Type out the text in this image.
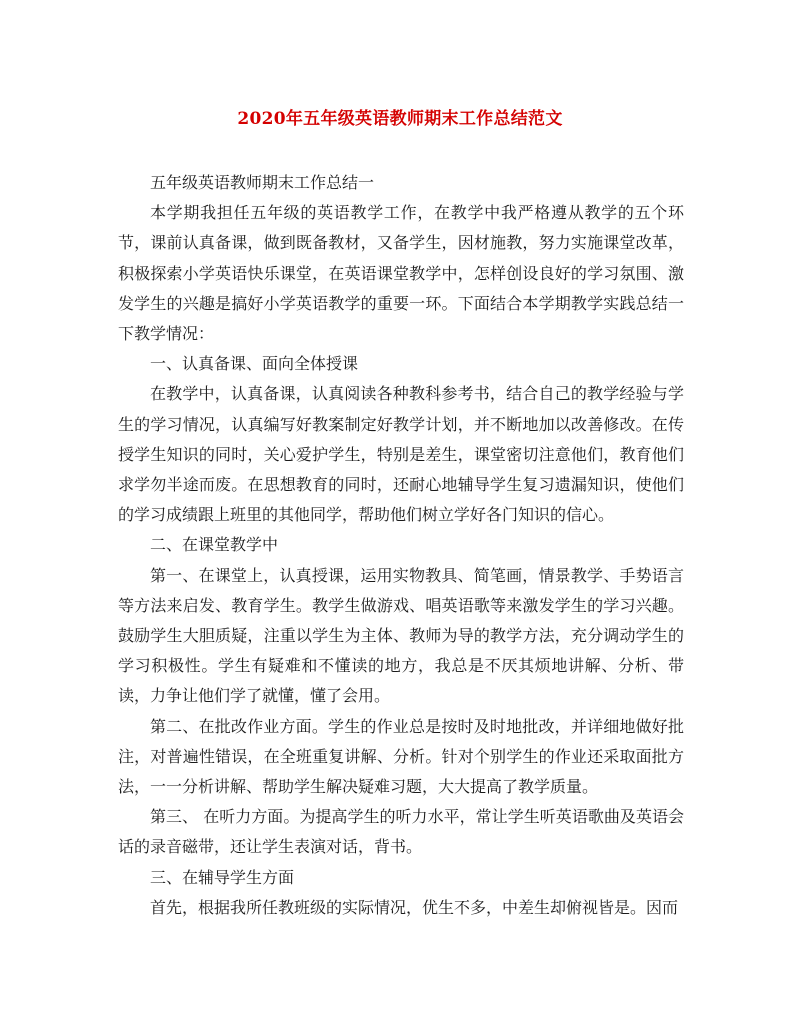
2020年五年级英语教师期末工作总结范文

五年级英语教师期末工作总结一

本学期我担任五年级的英语教学工作，在教学中我严格遵从教学的五个环节，课前认真备课，做到既备教材，又备学生，因材施教，努力实施课堂改革，积极探索小学英语快乐课堂，在英语课堂教学中，怎样创设良好的学习氛围、激发学生的兴趣是搞好小学英语教学的重要一环。下面结合本学期教学实践总结一下教学情况：

一、认真备课、面向全体授课

在教学中，认真备课，认真阅读各种教科参考书，结合自己的教学经验与学生的学习情况，认真编写好教案制定好教学计划，并不断地加以改善修改。在传授学生知识的同时，关心爱护学生，特别是差生，课堂密切注意他们，教育他们求学勿半途而废。在思想教育的同时，还耐心地辅导学生复习遗漏知识，使他们的学习成绩跟上班里的其他同学，帮助他们树立学好各门知识的信心。

二、在课堂教学中

第一、在课堂上，认真授课，运用实物教具、简笔画，情景教学、手势语言等方法来启发、教育学生。教学生做游戏、唱英语歌等来激发学生的学习兴趣。鼓励学生大胆质疑，注重以学生为主体、教师为导的教学方法，充分调动学生的学习积极性。学生有疑难和不懂读的地方，我总是不厌其烦地讲解、分析、带读，力争让他们学了就懂，懂了会用。

第二、在批改作业方面。学生的作业总是按时及时地批改，并详细地做好批注，对普遍性错误，在全班重复讲解、分析。针对个别学生的作业还采取面批方法，一一分析讲解、帮助学生解决疑难习题，大大提高了教学质量。

第三、 在听力方面。为提高学生的听力水平，常让学生听英语歌曲及英语会话的录音磁带，还让学生表演对话，背书。

三、在辅导学生方面

首先，根据我所任教班级的实际情况，优生不多，中差生却俯视皆是。因而
